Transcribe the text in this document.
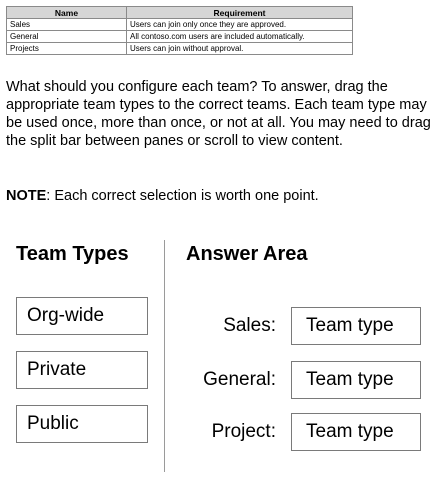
Name	Requirement
Sales	Users can join only once they are approved.
General	All contoso.com users are included automatically.
Projects	Users can join without approval.

What should you configure each team? To answer, drag the appropriate team types to the correct teams. Each team type may be used once, more than once, or not at all. You may need to drag the split bar between panes or scroll to view content.

NOTE: Each correct selection is worth one point.

Team Types	Answer Area
Org-wide
Private
Public
Sales:
General:
Project:
Team type
Team type
Team type
